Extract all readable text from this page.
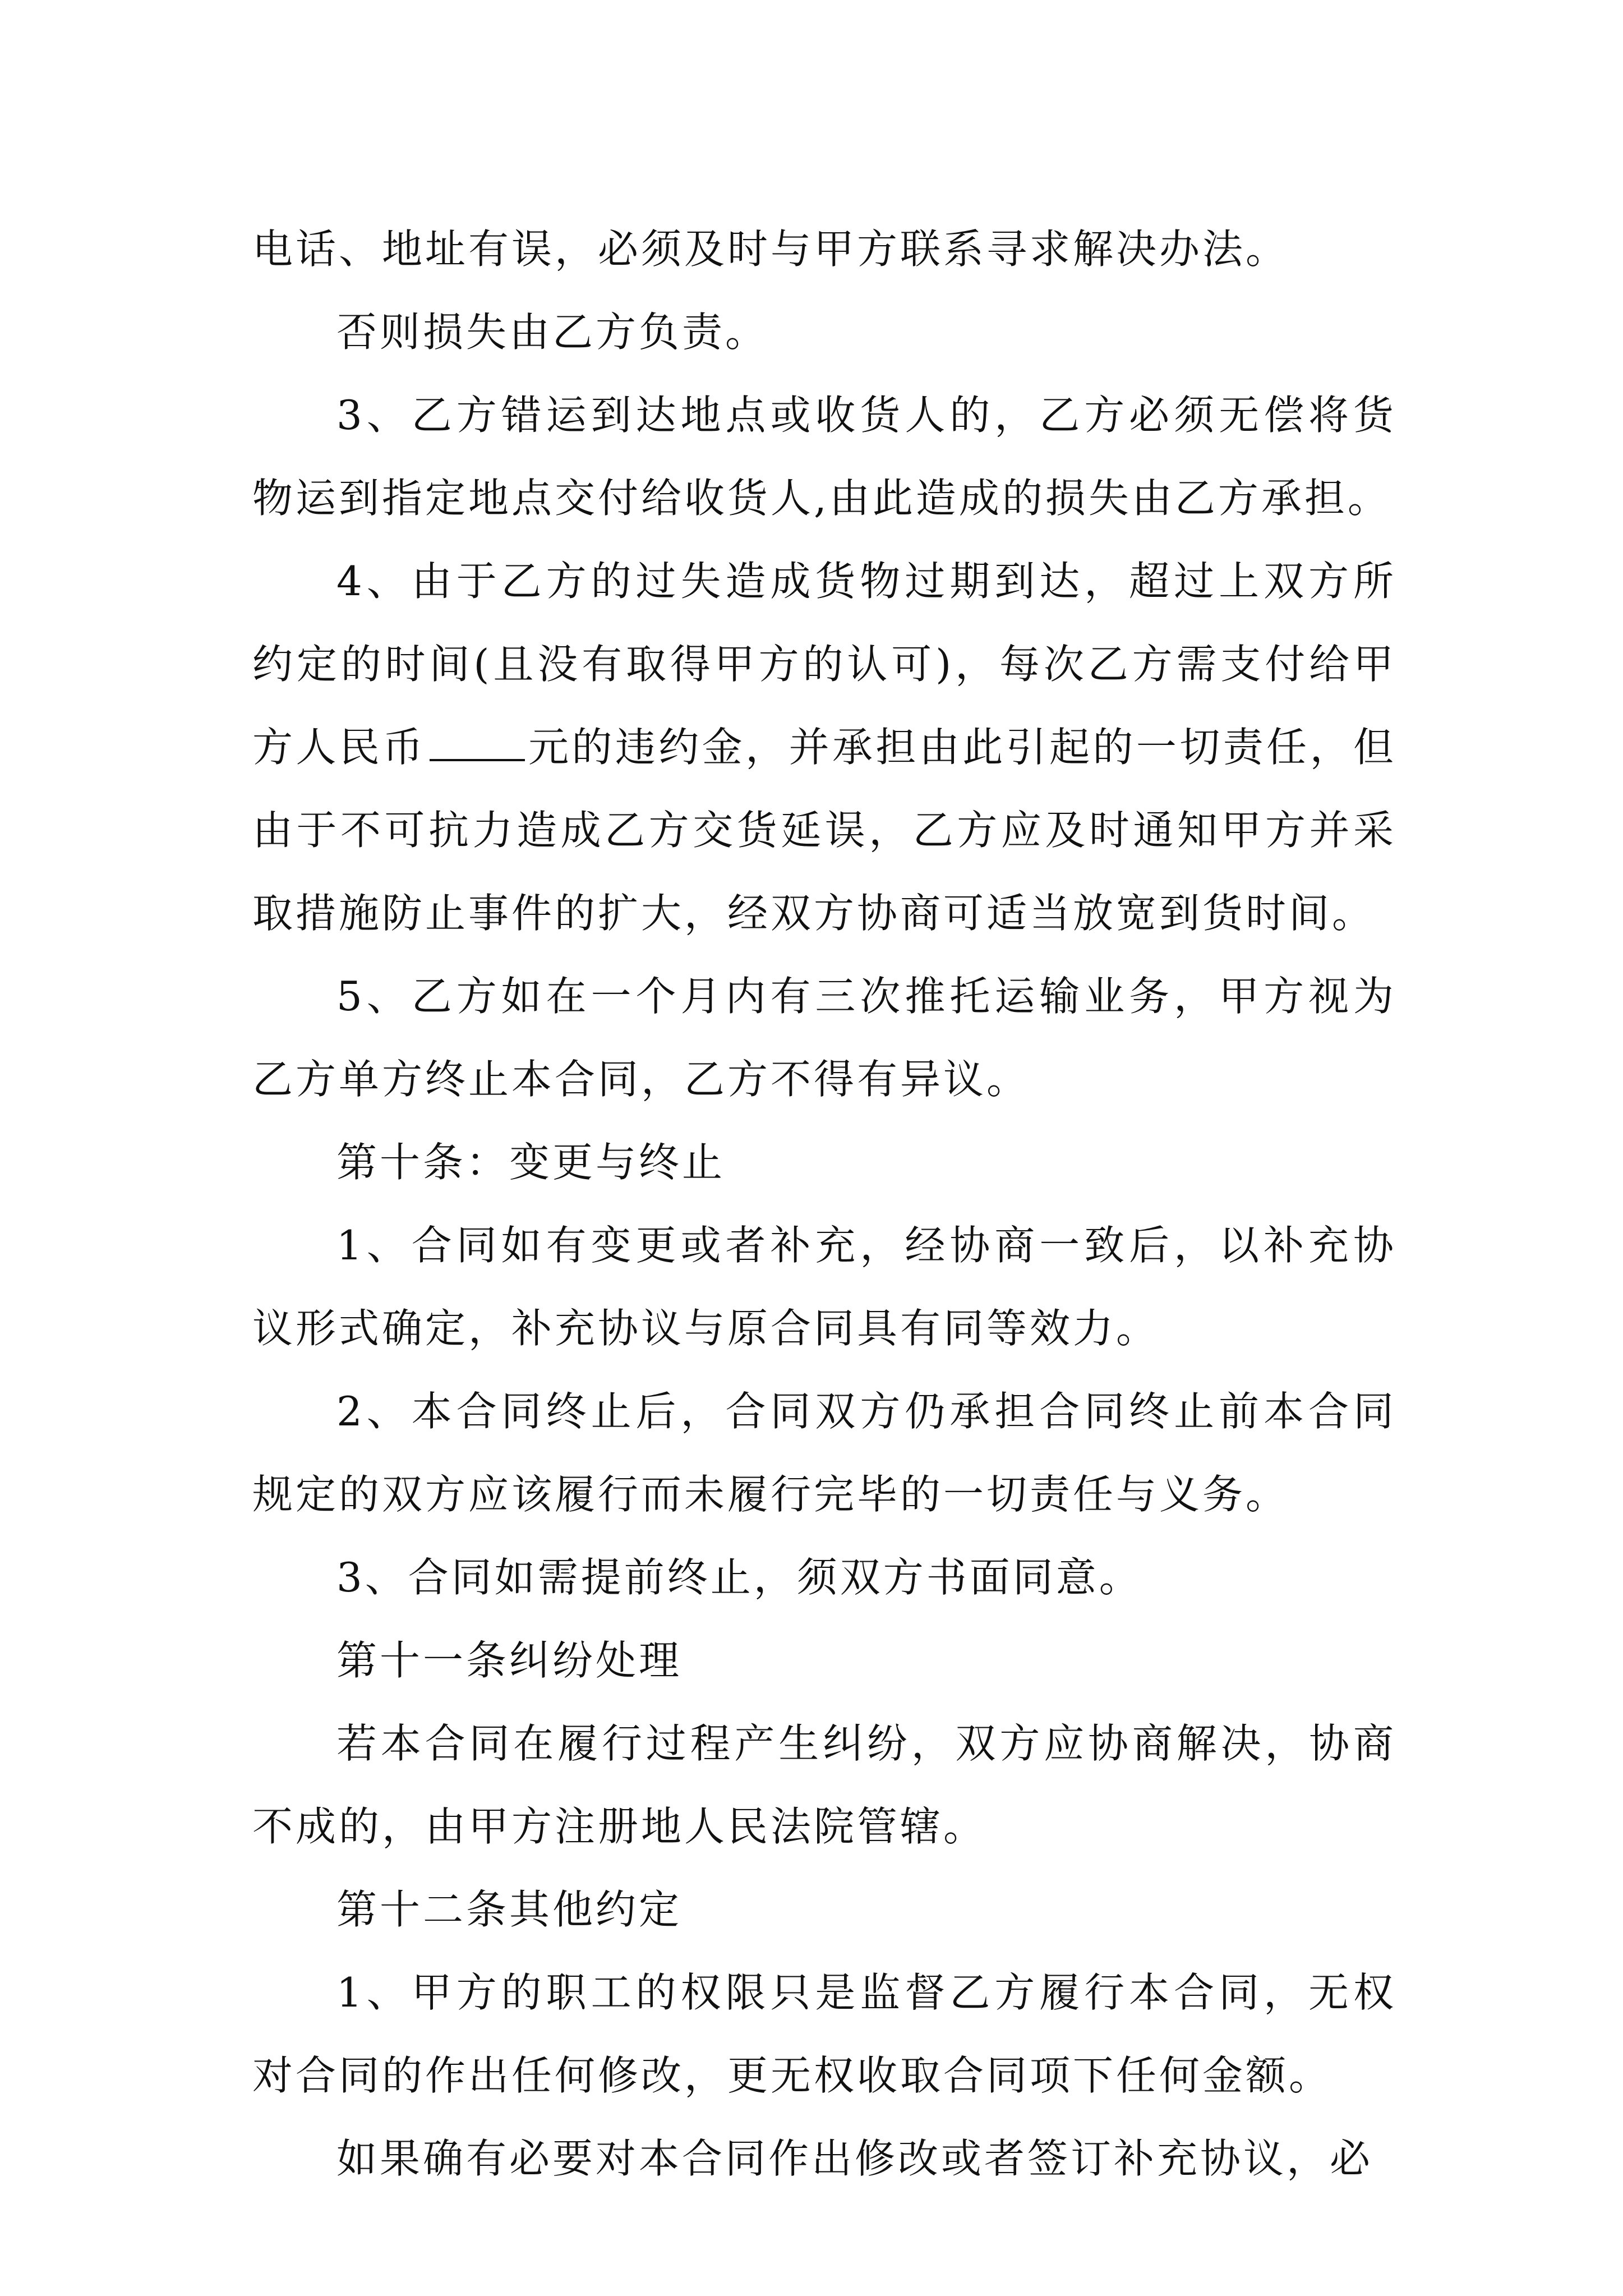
电话、地址有误，必须及时与甲方联系寻求解决办法。

否则损失由乙方负责。

3、乙方错运到达地点或收货人的，乙方必须无偿将货物运到指定地点交付给收货人,由此造成的损失由乙方承担。

4、由于乙方的过失造成货物过期到达，超过上双方所约定的时间(且没有取得甲方的认可)，每次乙方需支付给甲方人民币	元的违约金，并承担由此引起的一切责任，但由于不可抗力造成乙方交货延误，乙方应及时通知甲方并采取措施防止事件的扩大，经双方协商可适当放宽到货时间。

5、乙方如在一个月内有三次推托运输业务，甲方视为乙方单方终止本合同，乙方不得有异议。

第十条：变更与终止

1、合同如有变更或者补充，经协商一致后，以补充协议形式确定，补充协议与原合同具有同等效力。

2、本合同终止后，合同双方仍承担合同终止前本合同规定的双方应该履行而未履行完毕的一切责任与义务。

3、合同如需提前终止，须双方书面同意。

第十一条纠纷处理

若本合同在履行过程产生纠纷，双方应协商解决，协商不成的，由甲方注册地人民法院管辖。

第十二条其他约定

1、甲方的职工的权限只是监督乙方履行本合同，无权对合同的作出任何修改，更无权收取合同项下任何金额。

如果确有必要对本合同作出修改或者签订补充协议，必
